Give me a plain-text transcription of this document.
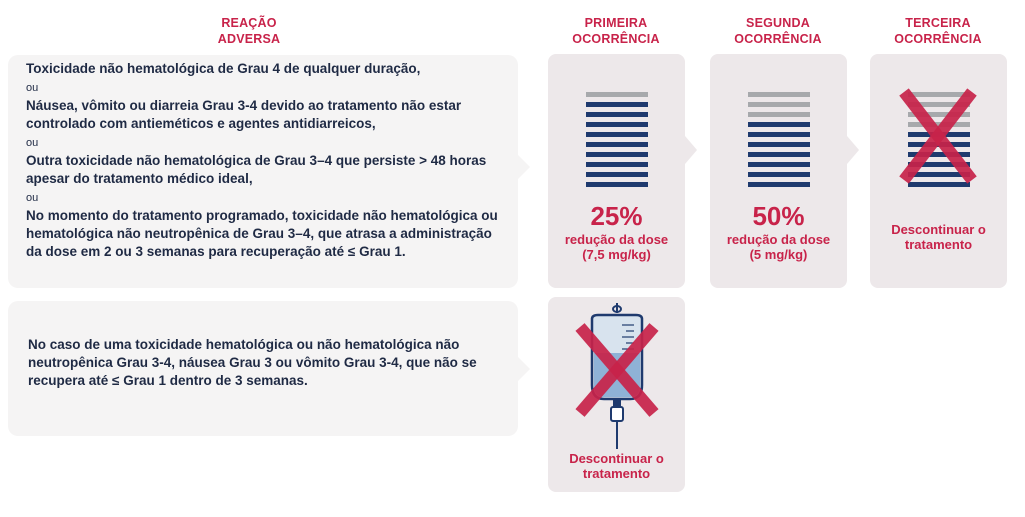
REAÇÃO
ADVERSA
PRIMEIRA
OCORRÊNCIA
SEGUNDA
OCORRÊNCIA
TERCEIRA
OCORRÊNCIA
Toxicidade não hematológica de Grau 4 de qualquer duração,
ou
Náusea, vômito ou diarreia Grau 3-4 devido ao tratamento não estar controlado com antieméticos e agentes antidiarreicos,
ou
Outra toxicidade não hematológica de Grau 3–4 que persiste > 48 horas apesar do tratamento médico ideal,
ou
No momento do tratamento programado, toxicidade não hematológica ou hematológica não neutropênica de Grau 3–4, que atrasa a administração da dose em 2 ou 3 semanas para recuperação até ≤ Grau 1.
25%
redução da dose
(7,5 mg/kg)
50%
redução da dose
(5 mg/kg)
Descontinuar o
tratamento
No caso de uma toxicidade hematológica ou não hematológica não neutropênica Grau 3-4, náusea Grau 3 ou vômito Grau 3-4, que não se recupera até ≤ Grau 1 dentro de 3 semanas.
Descontinuar o
tratamento
